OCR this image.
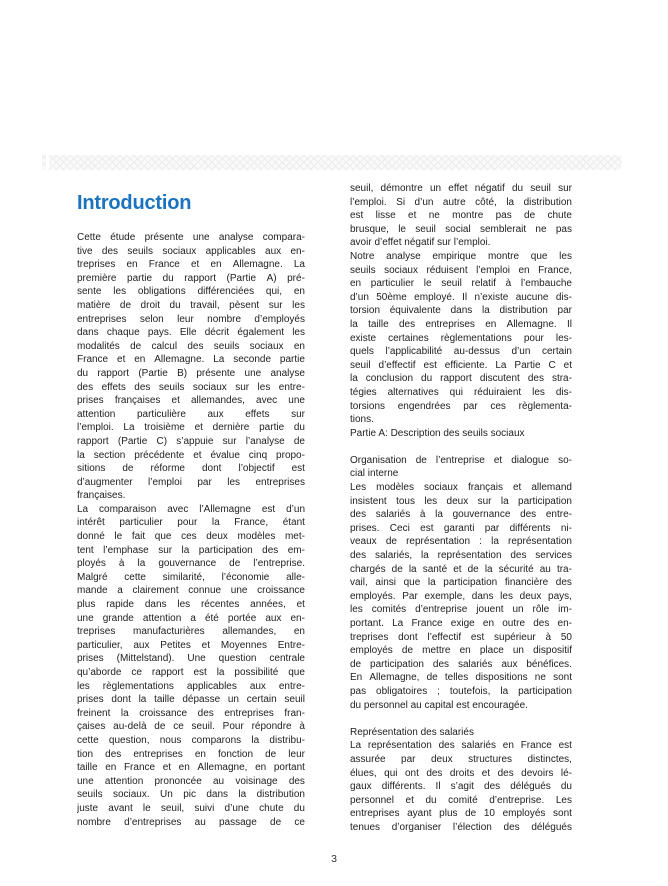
Introduction
Cette étude présente une analyse compara-
tive des seuils sociaux applicables aux en-
treprises en France et en Allemagne. La
première partie du rapport (Partie A) pré-
sente les obligations différenciées qui, en
matière de droit du travail, pèsent sur les
entreprises selon leur nombre d’employés
dans chaque pays. Elle décrit également les
modalités de calcul des seuils sociaux en
France et en Allemagne. La seconde partie
du rapport (Partie B) présente une analyse
des effets des seuils sociaux sur les entre-
prises françaises et allemandes, avec une
attention particulière aux effets sur
l’emploi. La troisième et dernière partie du
rapport (Partie C) s’appuie sur l’analyse de
la section précédente et évalue cinq propo-
sitions de réforme dont l’objectif est
d’augmenter l’emploi par les entreprises
françaises.
La comparaison avec l’Allemagne est d’un
intérêt particulier pour la France, étant
donné le fait que ces deux modèles met-
tent l’emphase sur la participation des em-
ployés à la gouvernance de l’entreprise.
Malgré cette similarité, l’économie alle-
mande a clairement connue une croissance
plus rapide dans les récentes années, et
une grande attention a été portée aux en-
treprises manufacturières allemandes, en
particulier, aux Petites et Moyennes Entre-
prises (Mittelstand). Une question centrale
qu’aborde ce rapport est la possibilité que
les règlementations applicables aux entre-
prises dont la taille dépasse un certain seuil
freinent la croissance des entreprises fran-
çaises au-delà de ce seuil. Pour répondre à
cette question, nous comparons la distribu-
tion des entreprises en fonction de leur
taille en France et en Allemagne, en portant
une attention prononcée au voisinage des
seuils sociaux. Un pic dans la distribution
juste avant le seuil, suivi d’une chute du
nombre d’entreprises au passage de ce
seuil, démontre un effet négatif du seuil sur
l’emploi. Si d’un autre côté, la distribution
est lisse et ne montre pas de chute
brusque, le seuil social semblerait ne pas
avoir d’effet négatif sur l’emploi.
Notre analyse empirique montre que les
seuils sociaux réduisent l’emploi en France,
en particulier le seuil relatif à l’embauche
d’un 50ème employé. Il n’existe aucune dis-
torsion équivalente dans la distribution par
la taille des entreprises en Allemagne. Il
existe certaines règlementations pour les-
quels l’applicabilité au-dessus d’un certain
seuil d’effectif est efficiente. La Partie C et
la conclusion du rapport discutent des stra-
tégies alternatives qui réduiraient les dis-
torsions engendrées par ces règlementa-
tions.
Partie A: Description des seuils sociaux
Organisation de l’entreprise et dialogue so-
cial interne
Les modèles sociaux français et allemand
insistent tous les deux sur la participation
des salariés à la gouvernance des entre-
prises. Ceci est garanti par différents ni-
veaux de représentation : la représentation
des salariés, la représentation des services
chargés de la santé et de la sécurité au tra-
vail, ainsi que la participation financière des
employés. Par exemple, dans les deux pays,
les comités d’entreprise jouent un rôle im-
portant. La France exige en outre des en-
treprises dont l’effectif est supérieur à 50
employés de mettre en place un dispositif
de participation des salariés aux bénéfices.
En Allemagne, de telles dispositions ne sont
pas obligatoires ; toutefois, la participation
du personnel au capital est encouragée.
Représentation des salariés
La représentation des salariés en France est
assurée par deux structures distinctes,
élues, qui ont des droits et des devoirs lé-
gaux différents. Il s’agit des délégués du
personnel et du comité d’entreprise. Les
entreprises ayant plus de 10 employés sont
tenues d’organiser l’élection des délégués
3
